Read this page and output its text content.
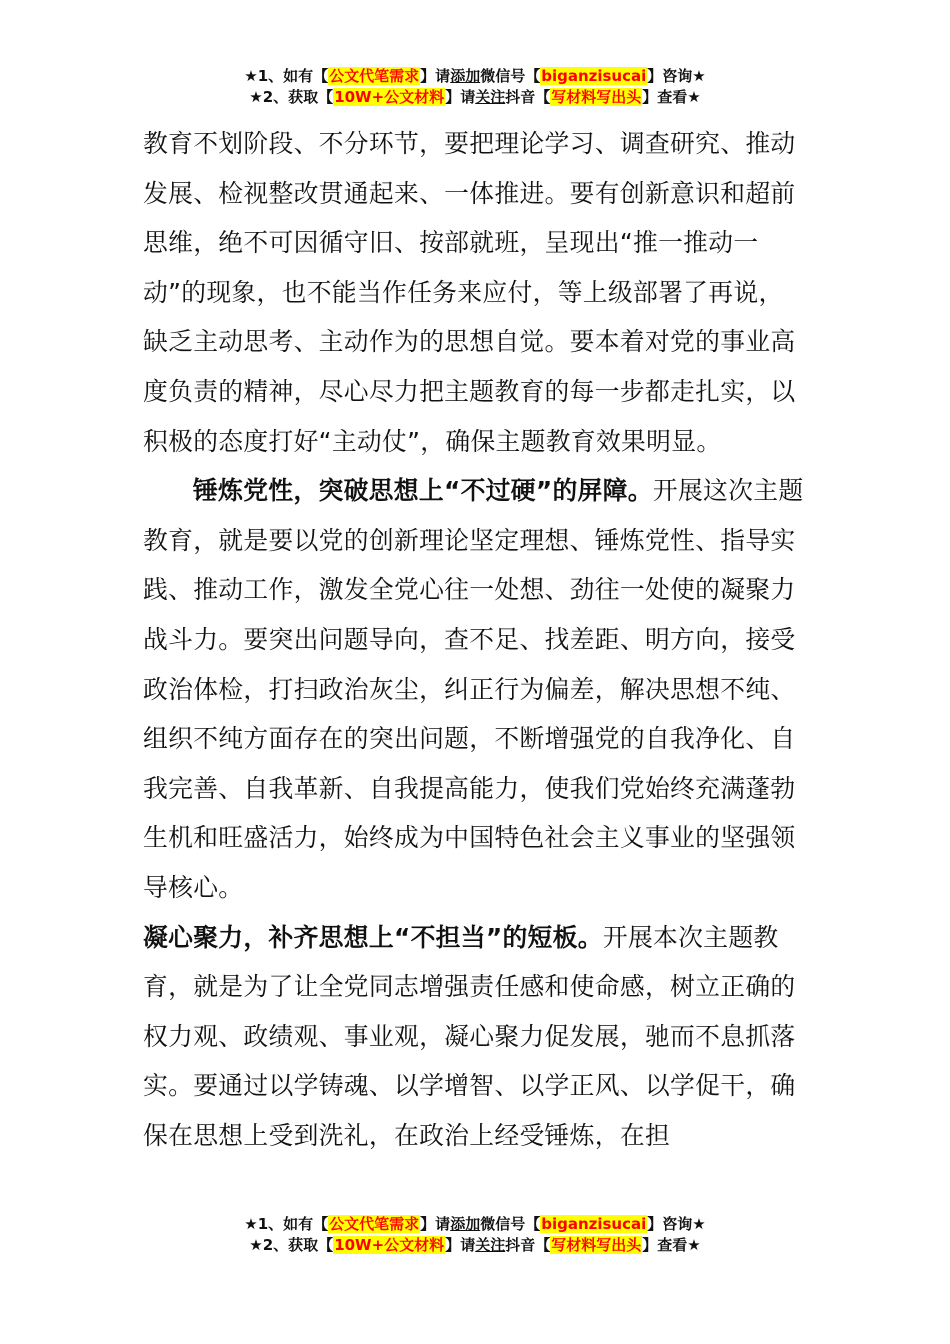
★1、如有【公文代笔需求】请添加微信号【biganzisucai】咨询★
★2、获取【10W+公文材料】请关注抖音【写材料写出头】查看★

教育不划阶段、不分环节，要把理论学习、调查研究、推动发展、检视整改贯通起来、一体推进。要有创新意识和超前思维，绝不可因循守旧、按部就班，呈现出“推一推动一动”的现象，也不能当作任务来应付，等上级部署了再说，缺乏主动思考、主动作为的思想自觉。要本着对党的事业高度负责的精神，尽心尽力把主题教育的每一步都走扎实，以积极的态度打好“主动仗”，确保主题教育效果明显。

锤炼党性，突破思想上“不过硬”的屏障。开展这次主题教育，就是要以党的创新理论坚定理想、锤炼党性、指导实践、推动工作，激发全党心往一处想、劲往一处使的凝聚力战斗力。要突出问题导向，查不足、找差距、明方向，接受政治体检，打扫政治灰尘，纠正行为偏差，解决思想不纯、组织不纯方面存在的突出问题，不断增强党的自我净化、自我完善、自我革新、自我提高能力，使我们党始终充满蓬勃生机和旺盛活力，始终成为中国特色社会主义事业的坚强领导核心。

凝心聚力，补齐思想上“不担当”的短板。开展本次主题教育，就是为了让全党同志增强责任感和使命感，树立正确的权力观、政绩观、事业观，凝心聚力促发展，驰而不息抓落实。要通过以学铸魂、以学增智、以学正风、以学促干，确保在思想上受到洗礼，在政治上经受锤炼，在担

★1、如有【公文代笔需求】请添加微信号【biganzisucai】咨询★
★2、获取【10W+公文材料】请关注抖音【写材料写出头】查看★
